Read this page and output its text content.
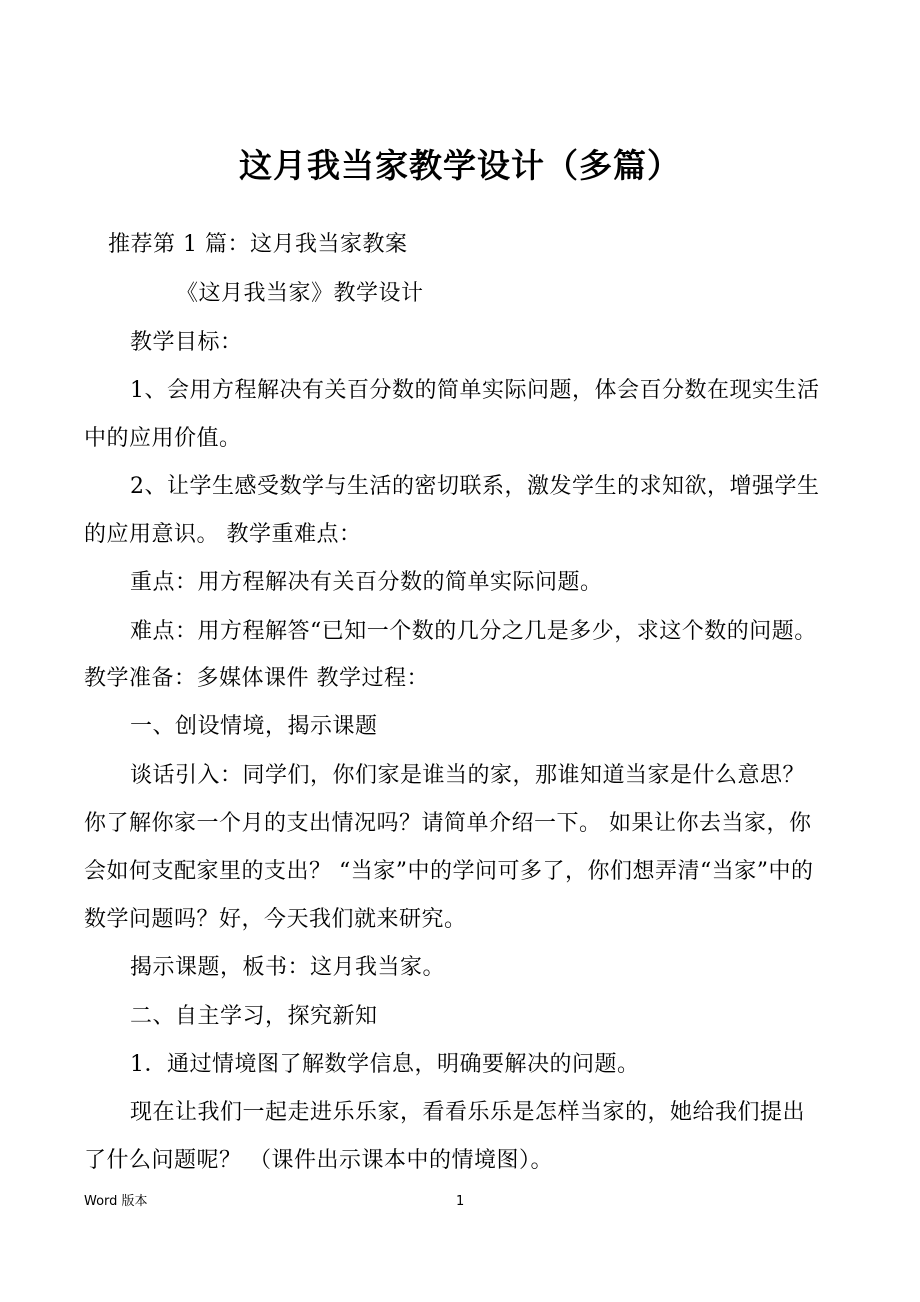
这月我当家教学设计（多篇）
推荐第 1 篇：这月我当家教案
《这月我当家》教学设计
教学目标：
1、会用方程解决有关百分数的简单实际问题，体会百分数在现实生活
中的应用价值。
2、让学生感受数学与生活的密切联系，激发学生的求知欲，增强学生
的应用意识。 教学重难点：
重点：用方程解决有关百分数的简单实际问题。
难点：用方程解答“已知一个数的几分之几是多少，求这个数的问题。
教学准备：多媒体课件 教学过程：
一、创设情境，揭示课题
谈话引入：同学们，你们家是谁当的家，那谁知道当家是什么意思？
你了解你家一个月的支出情况吗？请简单介绍一下。 如果让你去当家，你
会如何支配家里的支出？ “当家”中的学问可多了，你们想弄清“当家”中的
数学问题吗？好，今天我们就来研究。
揭示课题，板书：这月我当家。
二、自主学习，探究新知
1．通过情境图了解数学信息，明确要解决的问题。
现在让我们一起走进乐乐家，看看乐乐是怎样当家的，她给我们提出
了什么问题呢？ （课件出示课本中的情境图）。
Word 版本	1
